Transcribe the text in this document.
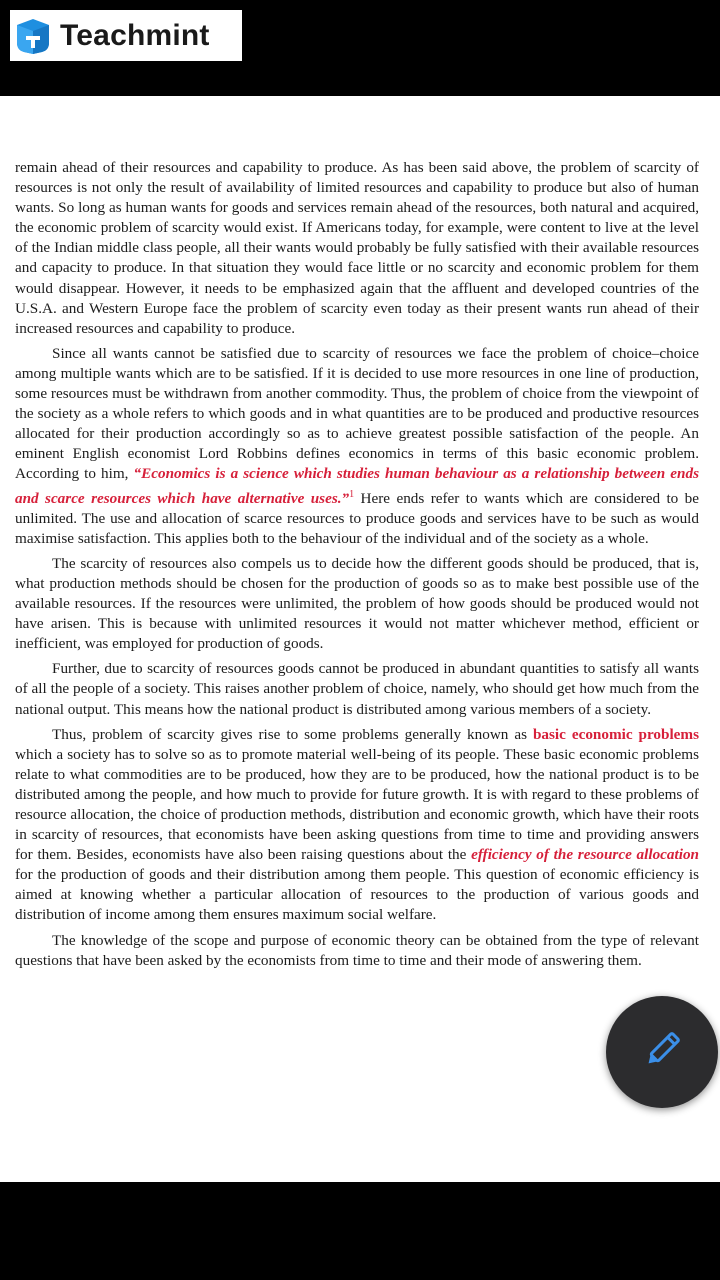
Teachmint

remain ahead of their resources and capability to produce. As has been said above, the problem of scarcity of resources is not only the result of availability of limited resources and capability to produce but also of human wants. So long as human wants for goods and services remain ahead of the resources, both natural and acquired, the economic problem of scarcity would exist. If Americans today, for example, were content to live at the level of the Indian middle class people, all their wants would probably be fully satisfied with their available resources and capacity to produce. In that situation they would face little or no scarcity and economic problem for them would disappear. However, it needs to be emphasized again that the affluent and developed countries of the U.S.A. and Western Europe face the problem of scarcity even today as their present wants run ahead of their increased resources and capability to produce.

Since all wants cannot be satisfied due to scarcity of resources we face the problem of choice–choice among multiple wants which are to be satisfied. If it is decided to use more resources in one line of production, some resources must be withdrawn from another commodity. Thus, the problem of choice from the viewpoint of the society as a whole refers to which goods and in what quantities are to be produced and productive resources allocated for their production accordingly so as to achieve greatest possible satisfaction of the people. An eminent English economist Lord Robbins defines economics in terms of this basic economic problem. According to him, “Economics is a science which studies human behaviour as a relationship between ends and scarce resources which have alternative uses.”$^1$ Here ends refer to wants which are considered to be unlimited. The use and allocation of scarce resources to produce goods and services have to be such as would maximise satisfaction. This applies both to the behaviour of the individual and of the society as a whole.

The scarcity of resources also compels us to decide how the different goods should be produced, that is, what production methods should be chosen for the production of goods so as to make best possible use of the available resources. If the resources were unlimited, the problem of how goods should be produced would not have arisen. This is because with unlimited resources it would not matter whichever method, efficient or inefficient, was employed for production of goods.

Further, due to scarcity of resources goods cannot be produced in abundant quantities to satisfy all wants of all the people of a society. This raises another problem of choice, namely, who should get how much from the national output. This means how the national product is distributed among various members of a society.

Thus, problem of scarcity gives rise to some problems generally known as basic economic problems which a society has to solve so as to promote material well-being of its people. These basic economic problems relate to what commodities are to be produced, how they are to be produced, how the national product is to be distributed among the people, and how much to provide for future growth. It is with regard to these problems of resource allocation, the choice of production methods, distribution and economic growth, which have their roots in scarcity of resources, that economists have been asking questions from time to time and providing answers for them. Besides, economists have also been raising questions about the efficiency of the resource allocation for the production of goods and their distribution among them people. This question of economic efficiency is aimed at knowing whether a particular allocation of resources to the production of various goods and distribution of income among them ensures maximum social welfare.

The knowledge of the scope and purpose of economic theory can be obtained from the type of relevant questions that have been asked by the economists from time to time and their mode of answering them.
